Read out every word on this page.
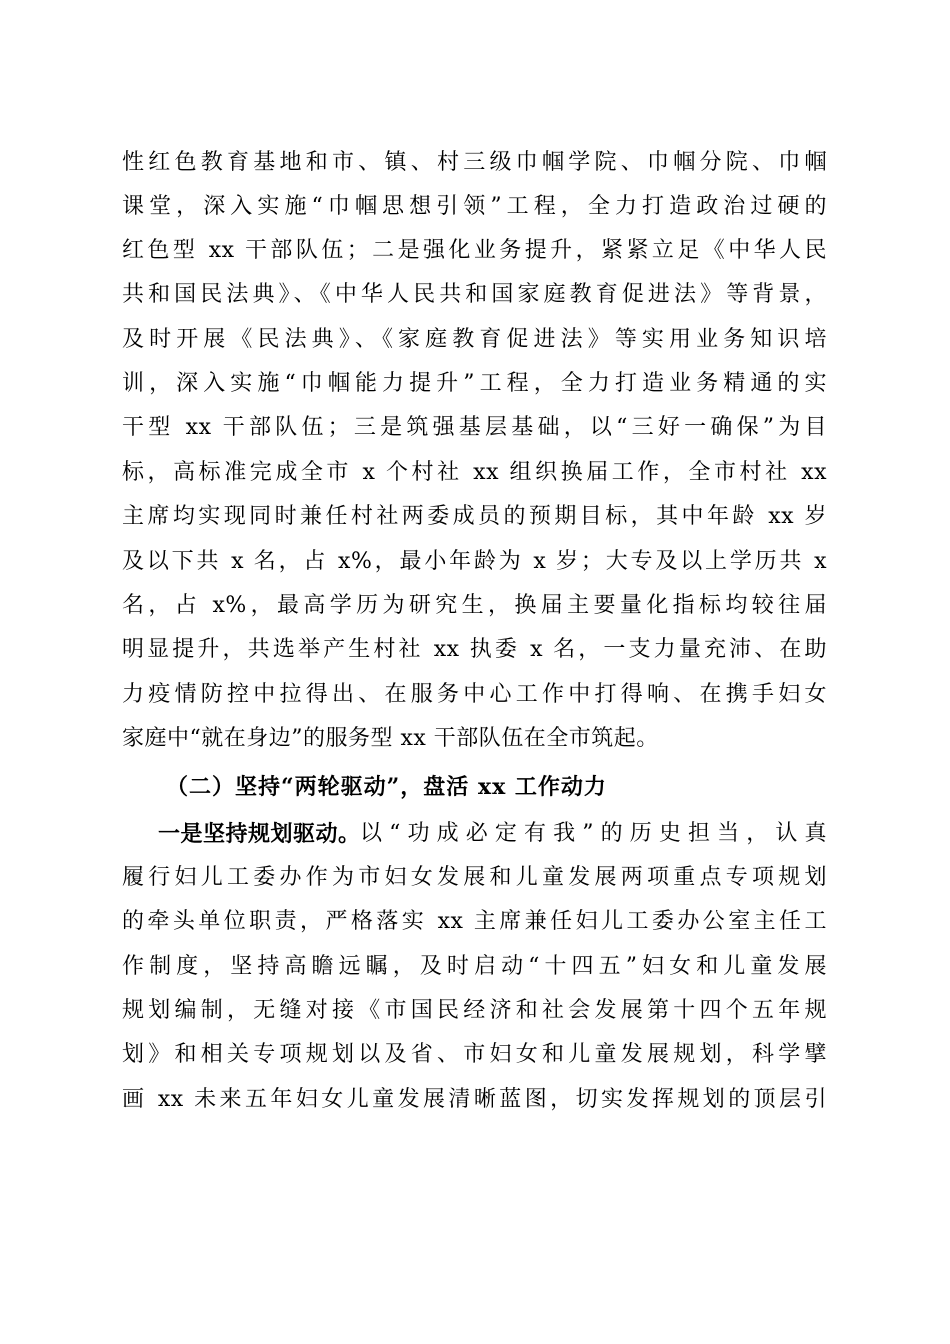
性红色教育基地和市、镇、村三级巾帼学院、巾帼分院、巾帼
课堂，深入实施“巾帼思想引领”工程，全力打造政治过硬的
红色型 xx 干部队伍；二是强化业务提升，紧紧立足《中华人民
共和国民法典》、《中华人民共和国家庭教育促进法》等背景，
及时开展《民法典》、《家庭教育促进法》等实用业务知识培
训，深入实施“巾帼能力提升”工程，全力打造业务精通的实
干型 xx 干部队伍；三是筑强基层基础，以“三好一确保”为目
标，高标准完成全市 x 个村社 xx 组织换届工作，全市村社 xx
主席均实现同时兼任村社两委成员的预期目标，其中年龄 xx 岁
及以下共 x 名，占 x%，最小年龄为 x 岁；大专及以上学历共 x
名，占 x%，最高学历为研究生，换届主要量化指标均较往届
明显提升，共选举产生村社 xx 执委 x 名，一支力量充沛、在助
力疫情防控中拉得出、在服务中心工作中打得响、在携手妇女
家庭中“就在身边”的服务型 xx 干部队伍在全市筑起。
（二）坚持“两轮驱动”，盘活 xx 工作动力
一是坚持规划驱动。 以“功成必定有我”的历史担当，认真
履行妇儿工委办作为市妇女发展和儿童发展两项重点专项规划
的牵头单位职责，严格落实 xx 主席兼任妇儿工委办公室主任工
作制度，坚持高瞻远瞩，及时启动“十四五”妇女和儿童发展
规划编制，无缝对接《市国民经济和社会发展第十四个五年规
划》和相关专项规划以及省、市妇女和儿童发展规划，科学擘
画 xx 未来五年妇女儿童发展清晰蓝图，切实发挥规划的顶层引
